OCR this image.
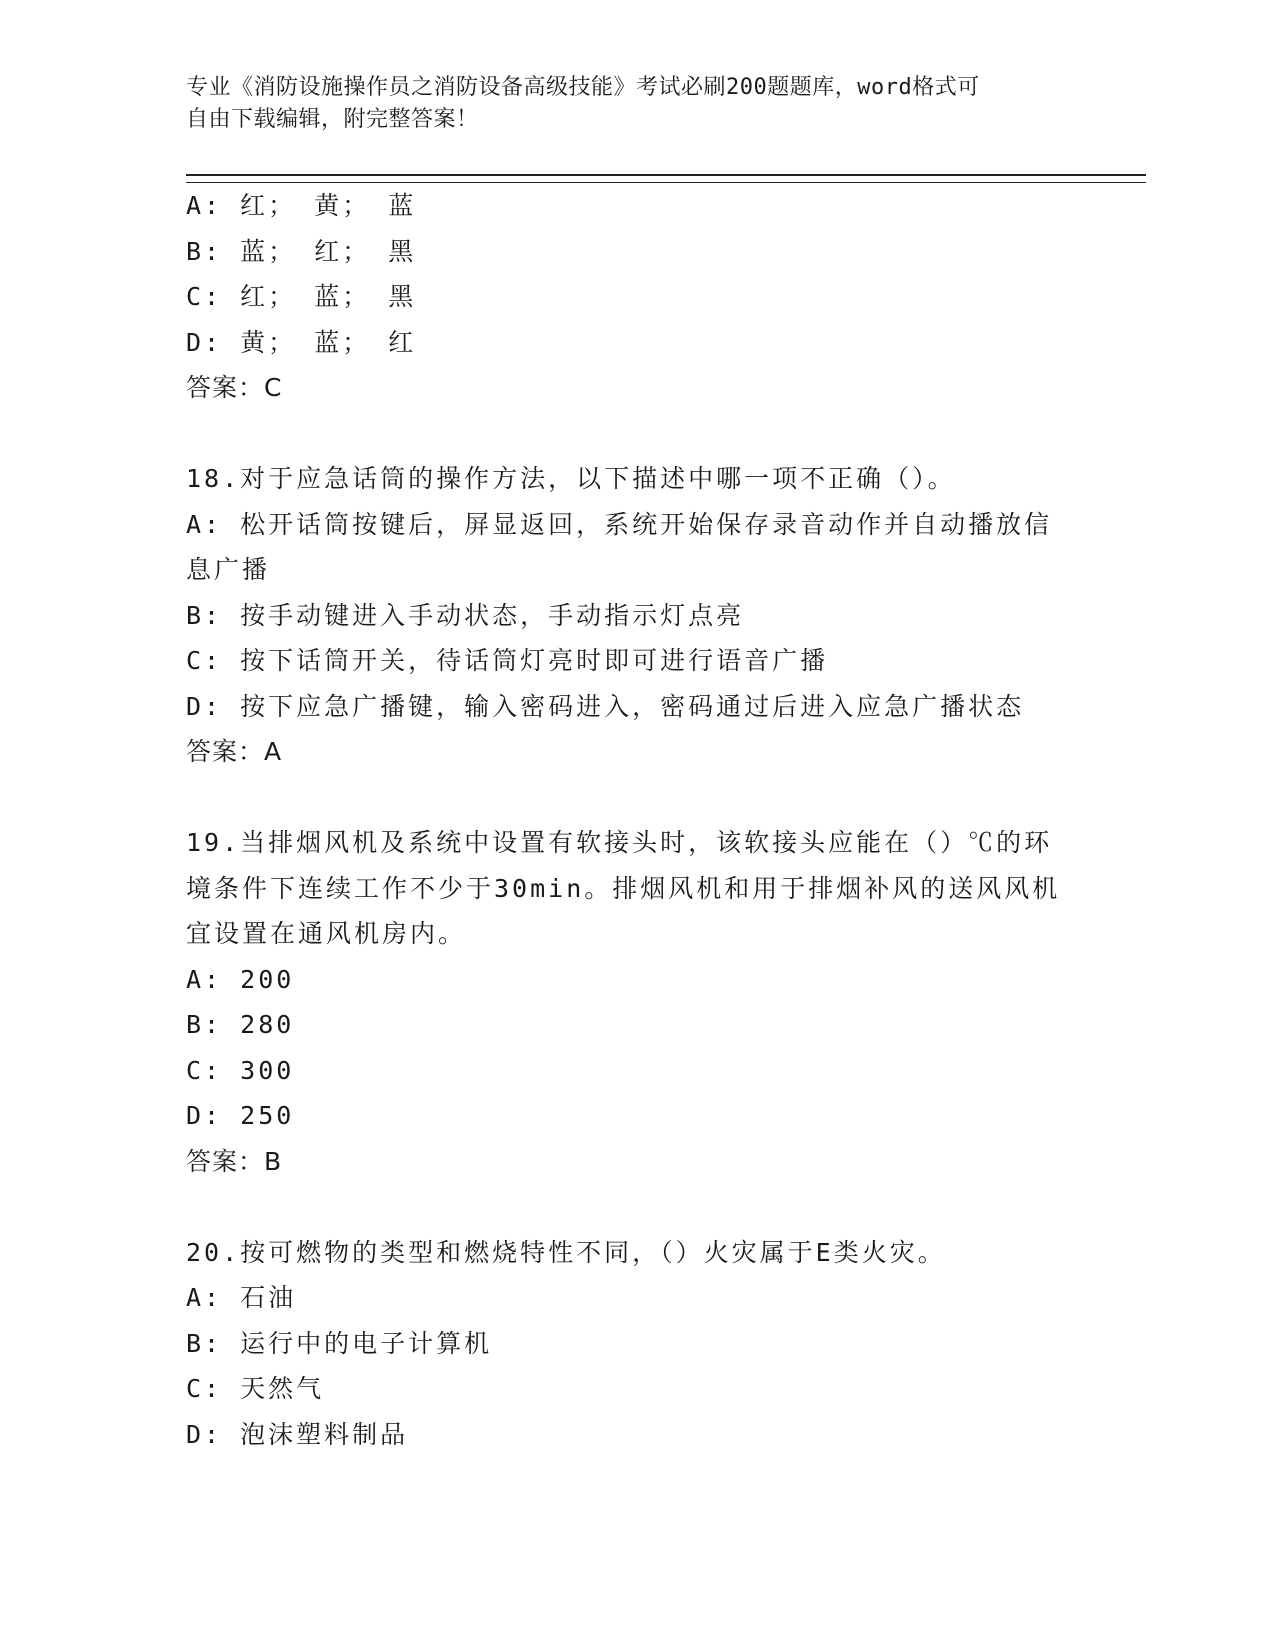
专业《消防设施操作员之消防设备高级技能》考试必刷200题题库，word格式可
自由下载编辑，附完整答案！
A: 红； 黄； 蓝
B: 蓝； 红； 黑
C: 红； 蓝； 黑
D: 黄； 蓝； 红
答案：C
18.对于应急话筒的操作方法，以下描述中哪一项不正确（）。
A: 松开话筒按键后，屏显返回，系统开始保存录音动作并自动播放信
息广播
B: 按手动键进入手动状态，手动指示灯点亮
C: 按下话筒开关，待话筒灯亮时即可进行语音广播
D: 按下应急广播键，输入密码进入，密码通过后进入应急广播状态
答案：A
19.当排烟风机及系统中设置有软接头时，该软接头应能在（）℃的环
境条件下连续工作不少于30min。排烟风机和用于排烟补风的送风风机
宜设置在通风机房内。
A: 200
B: 280
C: 300
D: 250
答案：B
20.按可燃物的类型和燃烧特性不同，（）火灾属于E类火灾。
A: 石油
B: 运行中的电子计算机
C: 天然气
D: 泡沫塑料制品
